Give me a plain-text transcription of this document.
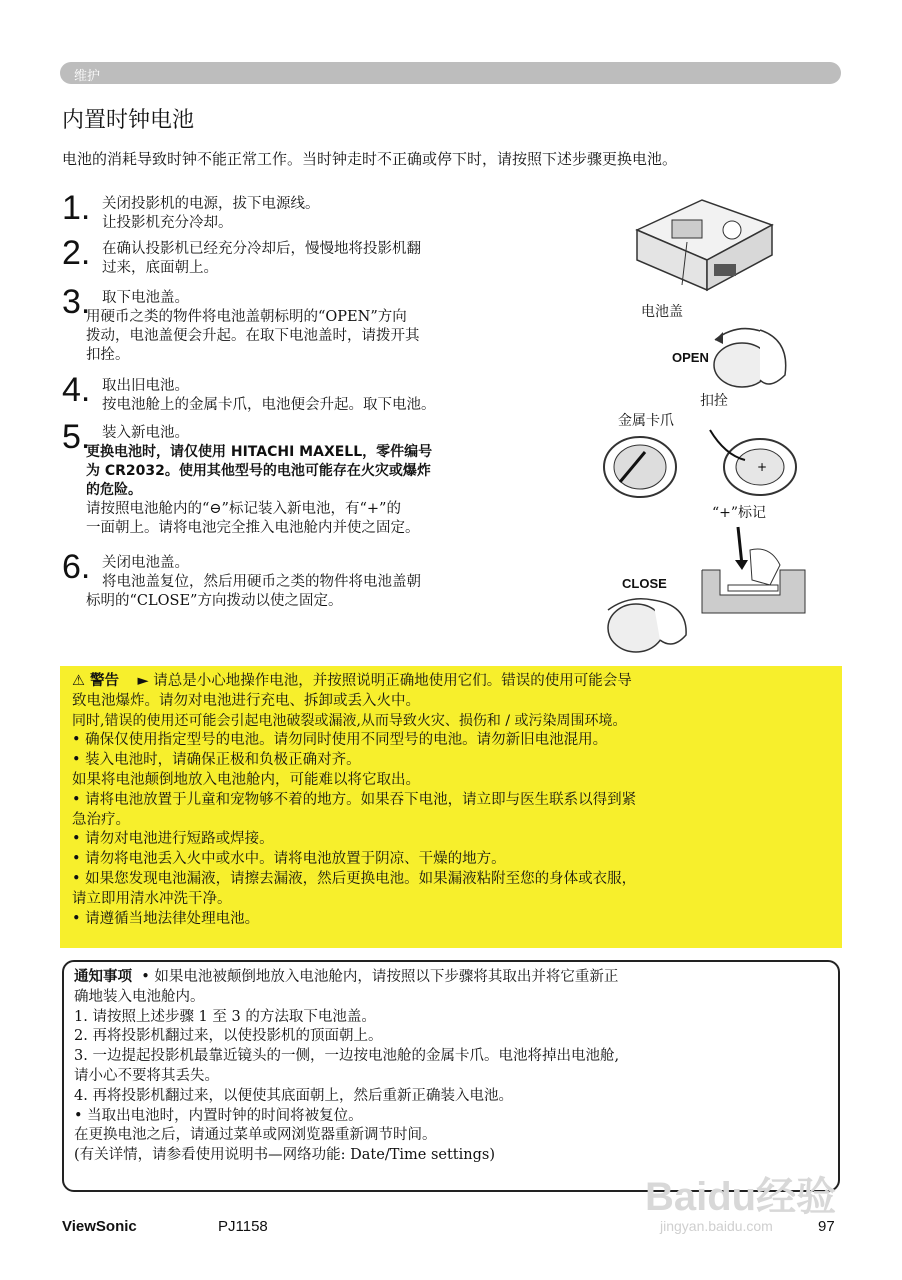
维护
内置时钟电池
电池的消耗导致时钟不能正常工作。当时钟走时不正确或停下时，请按照下述步骤更换电池。
1. 关闭投影机的电源，拔下电源线。
让投影机充分冷却。
2. 在确认投影机已经充分冷却后，慢慢地将投影机翻
过来，底面朝上。
3. 取下电池盖。
用硬币之类的物件将电池盖朝标明的“OPEN”方向
拨动，电池盖便会升起。在取下电池盖时，请拨开其
扣拴。
4. 取出旧电池。
按电池舱上的金属卡爪，电池便会升起。取下电池。
5. 装入新电池。
更换电池时，请仅使用 HITACHI MAXELL，零件编号
为 CR2032。使用其他型号的电池可能存在火灾或爆炸
的危险。
请按照电池舱内的“⊖”标记装入新电池，有“+”的
一面朝上。请将电池完全推入电池舱内并使之固定。
6. 关闭电池盖。
将电池盖复位，然后用硬币之类的物件将电池盖朝
标明的“CLOSE”方向拨动以使之固定。
电池盖
OPEN
扣拴
金属卡爪
+
“+”标记
CLOSE
⚠ 警告 ► 请总是小心地操作电池，并按照说明正确地使用它们。错误的使用可能会导
致电池爆炸。请勿对电池进行充电、拆卸或丢入火中。
同时,错误的使用还可能会引起电池破裂或漏液,从而导致火灾、损伤和 / 或污染周围环境。
• 确保仅使用指定型号的电池。请勿同时使用不同型号的电池。请勿新旧电池混用。
• 装入电池时，请确保正极和负极正确对齐。
如果将电池颠倒地放入电池舱内，可能难以将它取出。
• 请将电池放置于儿童和宠物够不着的地方。如果吞下电池，请立即与医生联系以得到紧
急治疗。
• 请勿对电池进行短路或焊接。
• 请勿将电池丢入火中或水中。请将电池放置于阴凉、干燥的地方。
• 如果您发现电池漏液，请擦去漏液，然后更换电池。如果漏液粘附至您的身体或衣服，
请立即用清水冲洗干净。
• 请遵循当地法律处理电池。
通知事项 • 如果电池被颠倒地放入电池舱内，请按照以下步骤将其取出并将它重新正
确地装入电池舱内。
1. 请按照上述步骤 1 至 3 的方法取下电池盖。
2. 再将投影机翻过来，以使投影机的顶面朝上。
3. 一边提起投影机最靠近镜头的一侧，一边按电池舱的金属卡爪。电池将掉出电池舱,
请小心不要将其丢失。
4. 再将投影机翻过来，以便使其底面朝上，然后重新正确装入电池。
• 当取出电池时，内置时钟的时间将被复位。
在更换电池之后，请通过菜单或网浏览器重新调节时间。
(有关详情，请参看使用说明书—网络功能: Date/Time settings)
Baidu经验
jingyan.baidu.com
ViewSonic	PJ1158	97
